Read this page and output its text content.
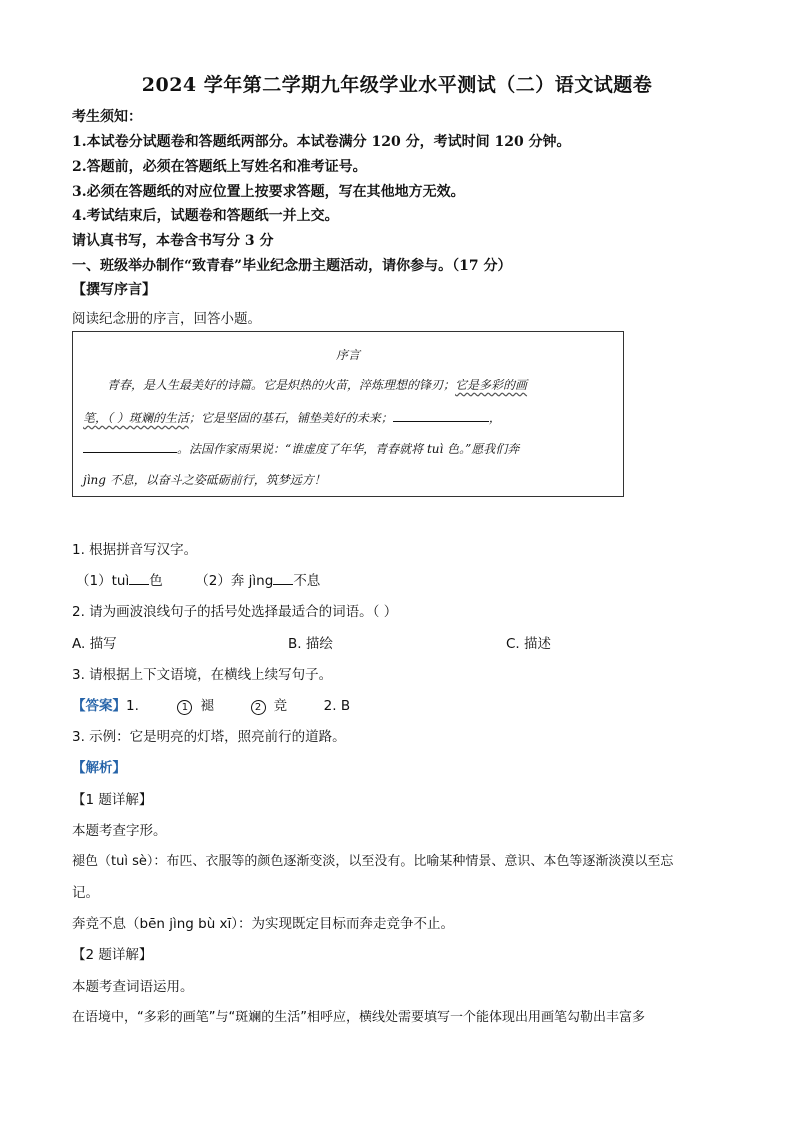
2024 学年第二学期九年级学业水平测试（二）语文试题卷
考生须知：
1.本试卷分试题卷和答题纸两部分。本试卷满分 120 分，考试时间 120 分钟。
2.答题前，必须在答题纸上写姓名和准考证号。
3.必须在答题纸的对应位置上按要求答题，写在其他地方无效。
4.考试结束后，试题卷和答题纸一并上交。
请认真书写，本卷含书写分 3 分
一、班级举办制作“致青春”毕业纪念册主题活动，请你参与。（17 分）
【撰写序言】
阅读纪念册的序言，回答小题。
序言
青春，是人生最美好的诗篇。它是炽热的火苗，淬炼理想的锋刃；它是多彩的画
笔，（ ）斑斓的生活；它是坚固的基石，铺垫美好的未来；	，
。法国作家雨果说：“谁虚度了年华，青春就将 tuì 色。”愿我们奔
jìng 不息，以奋斗之姿砥砺前行，筑梦远方！
1. 根据拼音写汉字。
（1）tuì 色 （2）奔 jìng 不息
2. 请为画波浪线句子的括号处选择最适合的词语。（ ）
A. 描写	B. 描绘	C. 描述
3. 请根据上下文语境，在横线上续写句子。
【答案】1.	1 褪	2 竞	2. B
3. 示例：它是明亮的灯塔，照亮前行的道路。
【解析】
【1 题详解】
本题考查字形。
褪色（tuì sè）：布匹、衣服等的颜色逐渐变淡，以至没有。比喻某种情景、意识、本色等逐渐淡漠以至忘
记。
奔竞不息（bēn jìng bù xī）：为实现既定目标而奔走竞争不止。
【2 题详解】
本题考查词语运用。
在语境中，“多彩的画笔”与“斑斓的生活”相呼应，横线处需要填写一个能体现出用画笔勾勒出丰富多
